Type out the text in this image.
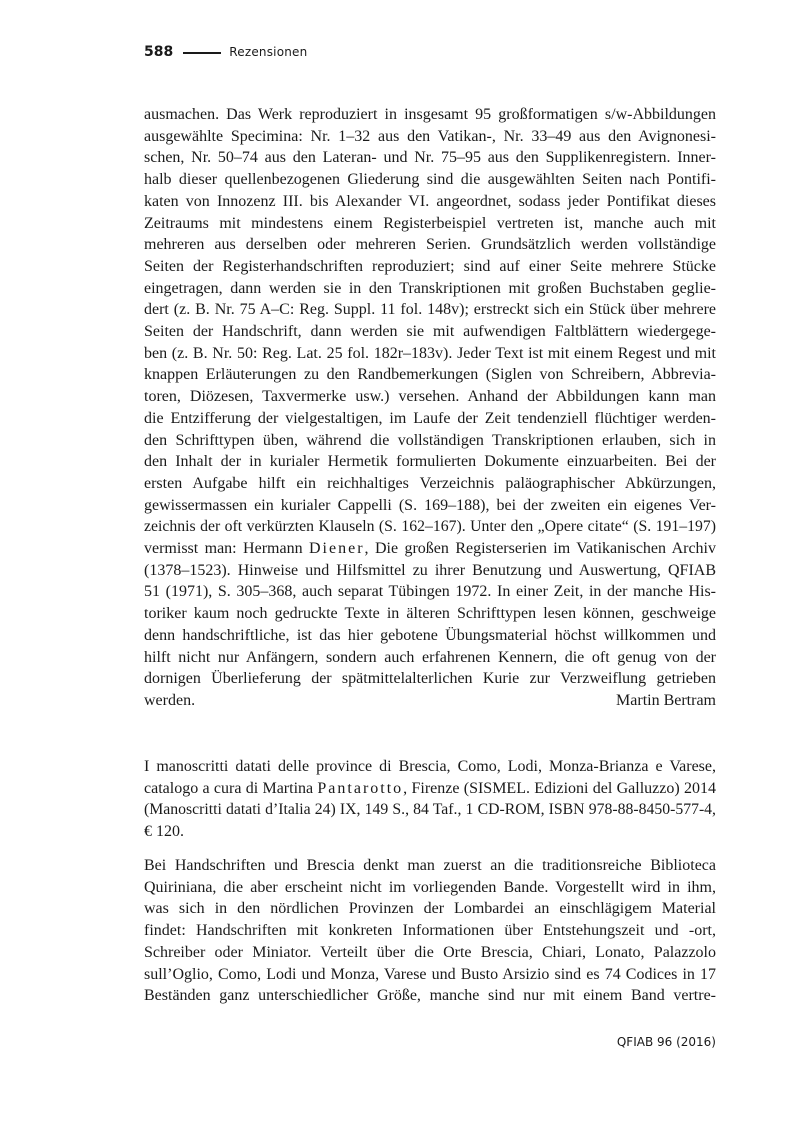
588	Rezensionen
ausmachen. Das Werk reproduziert in insgesamt 95 großformatigen s/w-Abbildungen
ausgewählte Specimina: Nr. 1–32 aus den Vatikan-, Nr. 33–49 aus den Avignonesi-
schen, Nr. 50–74 aus den Lateran- und Nr. 75–95 aus den Supplikenregistern. Inner-
halb dieser quellenbezogenen Gliederung sind die ausgewählten Seiten nach Pontifi-
katen von Innozenz III. bis Alexander VI. angeordnet, sodass jeder Pontifikat dieses
Zeitraums mit mindestens einem Registerbeispiel vertreten ist, manche auch mit
mehreren aus derselben oder mehreren Serien. Grundsätzlich werden vollständige
Seiten der Registerhandschriften reproduziert; sind auf einer Seite mehrere Stücke
eingetragen, dann werden sie in den Transkriptionen mit großen Buchstaben geglie-
dert (z. B. Nr. 75 A–C: Reg. Suppl. 11 fol. 148v); erstreckt sich ein Stück über mehrere
Seiten der Handschrift, dann werden sie mit aufwendigen Faltblättern wiedergege-
ben (z. B. Nr. 50: Reg. Lat. 25 fol. 182r–183v). Jeder Text ist mit einem Regest und mit
knappen Erläuterungen zu den Randbemerkungen (Siglen von Schreibern, Abbrevia-
toren, Diözesen, Taxvermerke usw.) versehen. Anhand der Abbildungen kann man
die Entzifferung der vielgestaltigen, im Laufe der Zeit tendenziell flüchtiger werden-
den Schrifttypen üben, während die vollständigen Transkriptionen erlauben, sich in
den Inhalt der in kurialer Hermetik formulierten Dokumente einzuarbeiten. Bei der
ersten Aufgabe hilft ein reichhaltiges Verzeichnis paläographischer Abkürzungen,
gewissermassen ein kurialer Cappelli (S. 169–188), bei der zweiten ein eigenes Ver-
zeichnis der oft verkürzten Klauseln (S. 162–167). Unter den „Opere citate“ (S. 191–197)
vermisst man: Hermann Diener, Die großen Registerserien im Vatikanischen Archiv
(1378–1523). Hinweise und Hilfsmittel zu ihrer Benutzung und Auswertung, QFIAB
51 (1971), S. 305–368, auch separat Tübingen 1972. In einer Zeit, in der manche His-
toriker kaum noch gedruckte Texte in älteren Schrifttypen lesen können, geschweige
denn handschriftliche, ist das hier gebotene Übungsmaterial höchst willkommen und
hilft nicht nur Anfängern, sondern auch erfahrenen Kennern, die oft genug von der
dornigen Überlieferung der spätmittelalterlichen Kurie zur Verzweiflung getrieben
werden.	Martin Bertram
I manoscritti datati delle province di Brescia, Como, Lodi, Monza-Brianza e Varese,
catalogo a cura di Martina Pantarotto, Firenze (SISMEL. Edizioni del Galluzzo) 2014
(Manoscritti datati d’Italia 24) IX, 149 S., 84 Taf., 1 CD-ROM, ISBN 978-88-8450-577-4,
€ 120.
Bei Handschriften und Brescia denkt man zuerst an die traditionsreiche Biblioteca
Quiriniana, die aber erscheint nicht im vorliegenden Bande. Vorgestellt wird in ihm,
was sich in den nördlichen Provinzen der Lombardei an einschlägigem Material
findet: Handschriften mit konkreten Informationen über Entstehungszeit und -ort,
Schreiber oder Miniator. Verteilt über die Orte Brescia, Chiari, Lonato, Palazzolo
sull’Oglio, Como, Lodi und Monza, Varese und Busto Arsizio sind es 74 Codices in 17
Beständen ganz unterschiedlicher Größe, manche sind nur mit einem Band vertre-
QFIAB 96 (2016)
